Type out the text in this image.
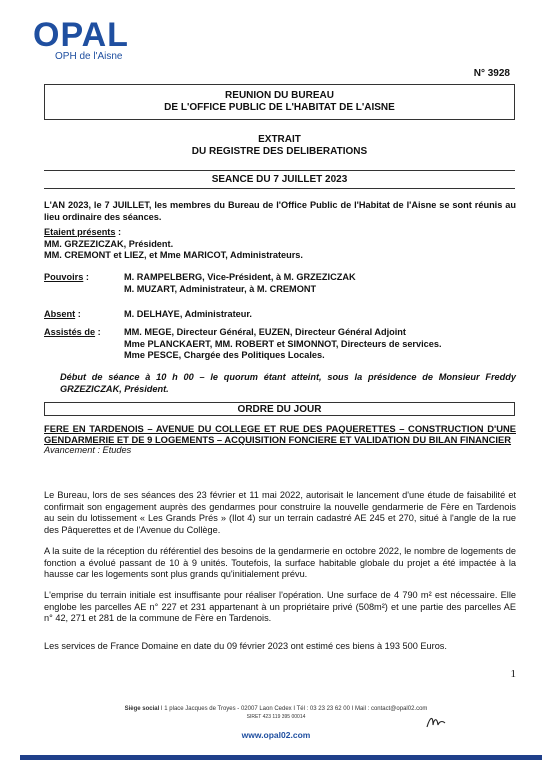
OPAL
OPH de l'Aisne
N° 3928
REUNION DU BUREAU
DE L'OFFICE PUBLIC DE L'HABITAT DE L'AISNE
EXTRAIT
DU REGISTRE DES DELIBERATIONS
SEANCE DU 7 JUILLET 2023
L'AN 2023, le 7 JUILLET, les membres du Bureau de l'Office Public de l'Habitat de l'Aisne se sont réunis au lieu ordinaire des séances.
Etaient présents :
MM. GRZEZICZAK, Président.
MM. CREMONT et LIEZ, et Mme MARICOT, Administrateurs.
Pouvoirs :	M. RAMPELBERG, Vice-Président, à M. GRZEZICZAK
M. MUZART, Administrateur, à M. CREMONT
Absent :	M. DELHAYE, Administrateur.
Assistés de :	MM. MEGE, Directeur Général, EUZEN, Directeur Général Adjoint
Mme PLANCKAERT, MM. ROBERT et SIMONNOT, Directeurs de services.
Mme PESCE, Chargée des Politiques Locales.
Début de séance à 10 h 00 – le quorum étant atteint, sous la présidence de Monsieur Freddy GRZEZICZAK, Président.
ORDRE DU JOUR
FERE EN TARDENOIS – AVENUE DU COLLEGE ET RUE DES PAQUERETTES – CONSTRUCTION D'UNE GENDARMERIE ET DE 9 LOGEMENTS – ACQUISITION FONCIERE ET VALIDATION DU BILAN FINANCIER
Avancement : Etudes
Le Bureau, lors de ses séances des 23 février et 11 mai 2022, autorisait le lancement d'une étude de faisabilité et confirmait son engagement auprès des gendarmes pour construire la nouvelle gendarmerie de Fère en Tardenois au sein du lotissement « Les Grands Prés » (Ilot 4) sur un terrain cadastré AE 245 et 270, situé à l'angle de la rue des Pâquerettes et de l'Avenue du Collège.
A la suite de la réception du référentiel des besoins de la gendarmerie en octobre 2022, le nombre de logements de fonction a évolué passant de 10 à 9 unités. Toutefois, la surface habitable globale du projet a été impactée à la hausse car les logements sont plus grands qu'initialement prévu.
L'emprise du terrain initiale est insuffisante pour réaliser l'opération. Une surface de 4 790 m² est nécessaire. Elle englobe les parcelles AE n° 227 et 231 appartenant à un propriétaire privé (508m²) et une partie des parcelles AE n° 42, 271 et 281 de la commune de Fère en Tardenois.
Les services de France Domaine en date du 09 février 2023 ont estimé ces biens à 193 500 Euros.
1
Siège social I 1 place Jacques de Troyes - 02007 Laon Cedex I Tél : 03 23 23 62 00 I Mail : contact@opal02.com
SIRET 423 119 395 00014
www.opal02.com
